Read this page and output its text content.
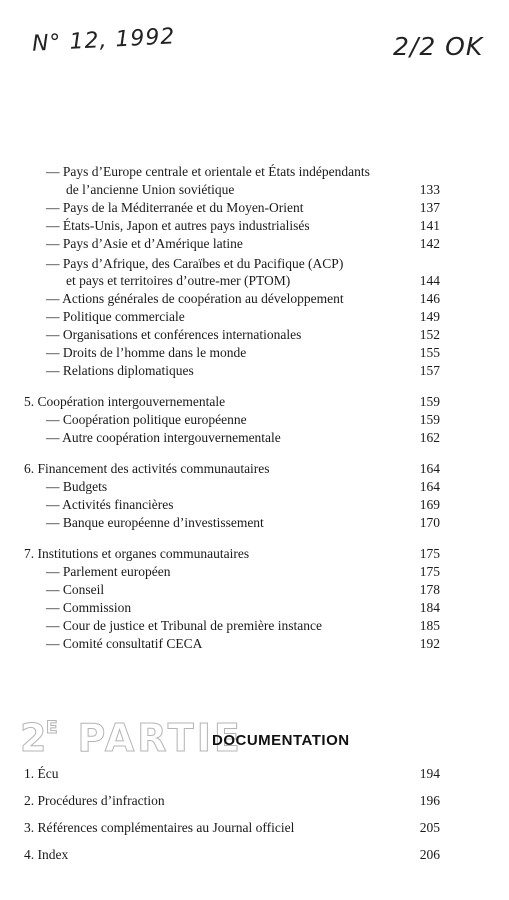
N° 12, 1992	2/2 OK
— Pays d’Europe centrale et orientale et États indépendants
de l’ancienne Union soviétique	133
— Pays de la Méditerranée et du Moyen-Orient	137
— États-Unis, Japon et autres pays industrialisés	141
— Pays d’Asie et d’Amérique latine	142
— Pays d’Afrique, des Caraïbes et du Pacifique (ACP)
et pays et territoires d’outre-mer (PTOM)	144
— Actions générales de coopération au développement	146
— Politique commerciale	149
— Organisations et conférences internationales	152
— Droits de l’homme dans le monde	155
— Relations diplomatiques	157
5. Coopération intergouvernementale	159
— Coopération politique européenne	159
— Autre coopération intergouvernementale	162
6. Financement des activités communautaires	164
— Budgets	164
— Activités financières	169
— Banque européenne d’investissement	170
7. Institutions et organes communautaires	175
— Parlement européen	175
— Conseil	178
— Commission	184
— Cour de justice et Tribunal de première instance	185
— Comité consultatif CECA	192
2 PARTIE
E
DOCUMENTATION
1. Écu	194
2. Procédures d’infraction	196
3. Références complémentaires au Journal officiel	205
4. Index	206
